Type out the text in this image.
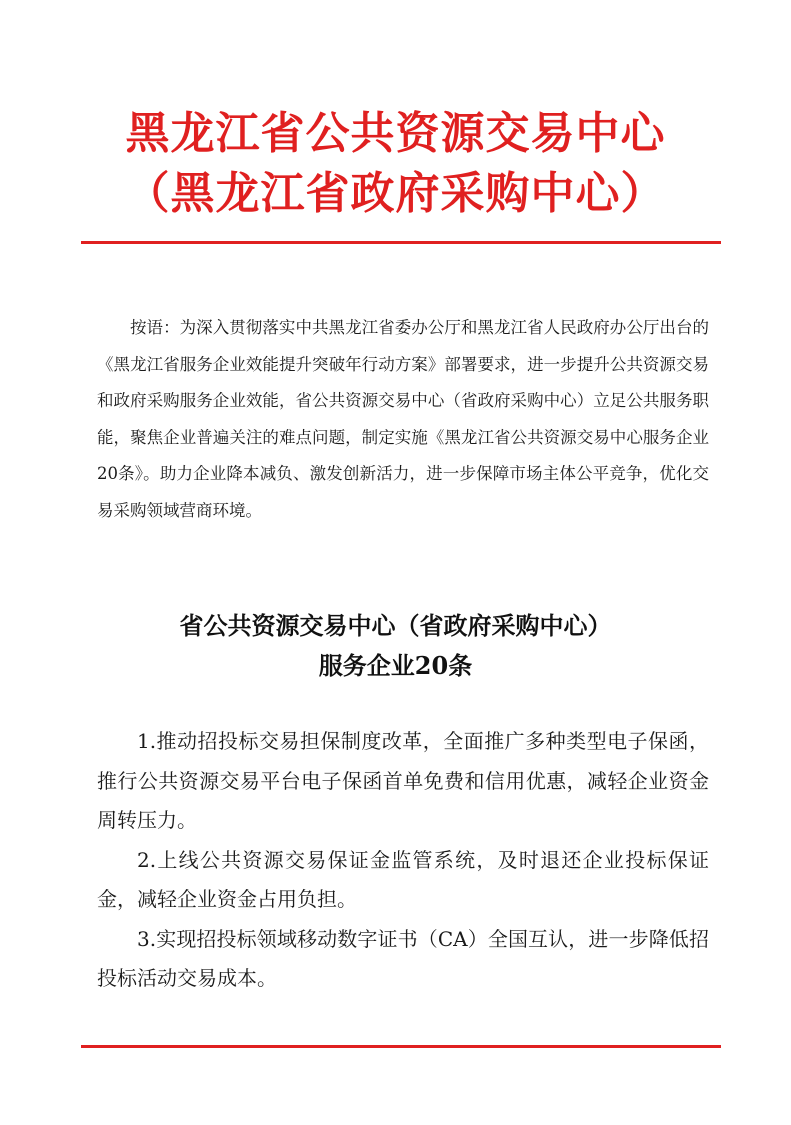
黑龙江省公共资源交易中心
（黑龙江省政府采购中心）

按语：为深入贯彻落实中共黑龙江省委办公厅和黑龙江省人民政府办公厅出台的《黑龙江省服务企业效能提升突破年行动方案》部署要求，进一步提升公共资源交易和政府采购服务企业效能，省公共资源交易中心（省政府采购中心）立足公共服务职能，聚焦企业普遍关注的难点问题，制定实施《黑龙江省公共资源交易中心服务企业20条》。助力企业降本减负、激发创新活力，进一步保障市场主体公平竞争，优化交易采购领域营商环境。

省公共资源交易中心（省政府采购中心）
服务企业20条
1.推动招投标交易担保制度改革，全面推广多种类型电子保函，推行公共资源交易平台电子保函首单免费和信用优惠，减轻企业资金周转压力。
2.上线公共资源交易保证金监管系统，及时退还企业投标保证金，减轻企业资金占用负担。
3.实现招投标领域移动数字证书（CA）全国互认，进一步降低招投标活动交易成本。
